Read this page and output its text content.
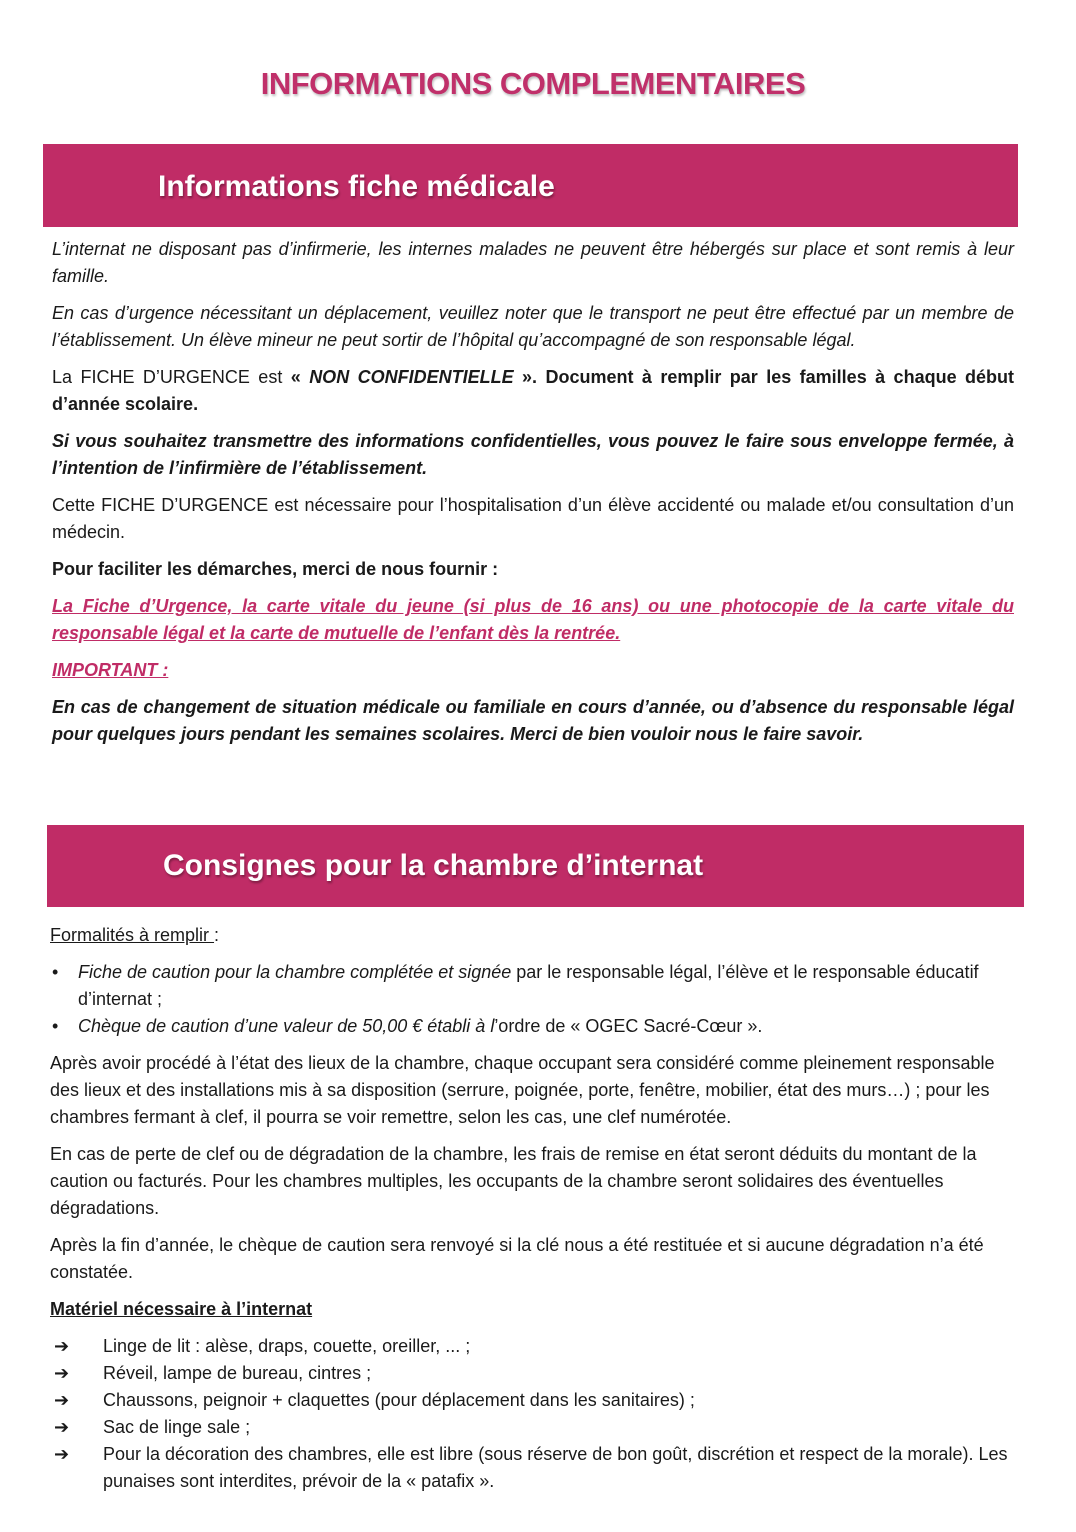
INFORMATIONS COMPLEMENTAIRES
Informations fiche médicale

L’internat ne disposant pas d’infirmerie, les internes malades ne peuvent être hébergés sur place et sont remis à leur famille.

En cas d’urgence nécessitant un déplacement, veuillez noter que le transport ne peut être effectué par un membre de l’établissement. Un élève mineur ne peut sortir de l’hôpital qu’accompagné de son responsable légal.

La FICHE D’URGENCE est « NON CONFIDENTIELLE ». Document à remplir par les familles à chaque début d’année scolaire.

Si vous souhaitez transmettre des informations confidentielles, vous pouvez le faire sous enveloppe fermée, à l’intention de l’infirmière de l’établissement.

Cette FICHE D’URGENCE est nécessaire pour l’hospitalisation d’un élève accidenté ou malade et/ou consultation d’un médecin.

Pour faciliter les démarches, merci de nous fournir :

La Fiche d’Urgence, la carte vitale du jeune (si plus de 16 ans) ou une photocopie de la carte vitale du responsable légal et la carte de mutuelle de l’enfant dès la rentrée.

IMPORTANT :

En cas de changement de situation médicale ou familiale en cours d’année, ou d’absence du responsable légal pour quelques jours pendant les semaines scolaires. Merci de bien vouloir nous le faire savoir.

Consignes pour la chambre d’internat

Formalités à remplir :

• Fiche de caution pour la chambre complétée et signée par le responsable légal, l’élève et le responsable éducatif d’internat ;
• Chèque de caution d’une valeur de 50,00 € établi à l’ordre de « OGEC Sacré-Cœur ».

Après avoir procédé à l’état des lieux de la chambre, chaque occupant sera considéré comme pleinement responsable des lieux et des installations mis à sa disposition (serrure, poignée, porte, fenêtre, mobilier, état des murs…) ; pour les chambres fermant à clef, il pourra se voir remettre, selon les cas, une clef numérotée.

En cas de perte de clef ou de dégradation de la chambre, les frais de remise en état seront déduits du montant de la caution ou facturés. Pour les chambres multiples, les occupants de la chambre seront solidaires des éventuelles dégradations.

Après la fin d’année, le chèque de caution sera renvoyé si la clé nous a été restituée et si aucune dégradation n’a été constatée.

Matériel nécessaire à l’internat

➔ Linge de lit : alèse, draps, couette, oreiller, ... ;
➔ Réveil, lampe de bureau, cintres ;
➔ Chaussons, peignoir + claquettes (pour déplacement dans les sanitaires) ;
➔ Sac de linge sale ;
➔ Pour la décoration des chambres, elle est libre (sous réserve de bon goût, discrétion et respect de la morale). Les punaises sont interdites, prévoir de la « patafix ».
